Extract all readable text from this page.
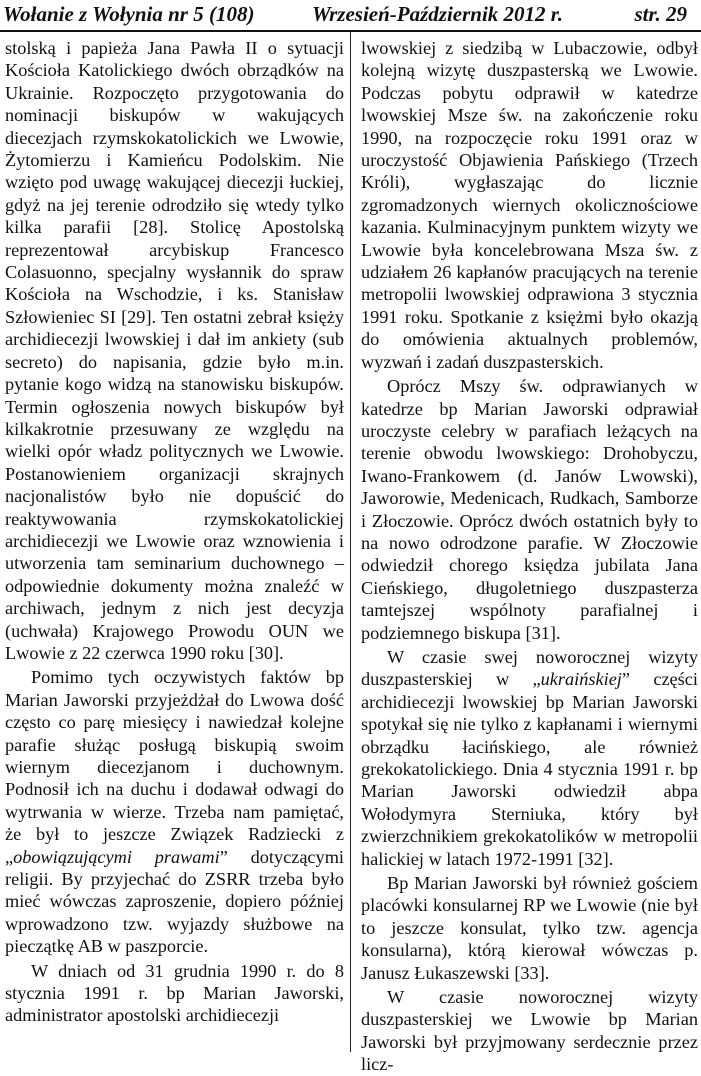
Wołanie z Wołynia nr 5 (108)	Wrzesień-Październik 2012 r.	str. 29

stolską i papieża Jana Pawła II o sytuacji Kościoła Katolickiego dwóch obrządków na Ukrainie. Rozpoczęto przygotowania do nominacji biskupów w wakujących diecezjach rzymskokatolickich we Lwowie, Żytomierzu i Kamieńcu Podolskim. Nie wzięto pod uwagę wakującej diecezji łuckiej, gdyż na jej terenie odrodziło się wtedy tylko kilka parafii [28]. Stolicę Apostolską reprezentował arcybiskup Francesco Colasuonno, specjalny wysłannik do spraw Kościoła na Wschodzie, i ks. Stanisław Szłowieniec SI [29]. Ten ostatni zebrał księży archidiecezji lwowskiej i dał im ankiety (sub secreto) do napisania, gdzie było m.in. pytanie kogo widzą na stanowisku biskupów. Termin ogłoszenia nowych biskupów był kilkakrotnie przesuwany ze względu na wielki opór władz politycznych we Lwowie. Postanowieniem organizacji skrajnych nacjonalistów było nie dopuścić do reaktywowania rzymskokatolickiej archidiecezji we Lwowie oraz wznowienia i utworzenia tam seminarium duchownego – odpowiednie dokumenty można znaleźć w archiwach, jednym z nich jest decyzja (uchwała) Krajowego Prowodu OUN we Lwowie z 22 czerwca 1990 roku [30].

Pomimo tych oczywistych faktów bp Marian Jaworski przyjeżdżał do Lwowa dość często co parę miesięcy i nawiedzał kolejne parafie służąc posługą biskupią swoim wiernym diecezjanom i duchownym. Podnosił ich na duchu i dodawał odwagi do wytrwania w wierze. Trzeba nam pamiętać, że był to jeszcze Związek Radziecki z „obowiązującymi prawami” dotyczącymi religii. By przyjechać do ZSRR trzeba było mieć wówczas zaproszenie, dopiero później wprowadzono tzw. wyjazdy służbowe na pieczątkę AB w paszporcie.

W dniach od 31 grudnia 1990 r. do 8 stycznia 1991 r. bp Marian Jaworski, administrator apostolski archidiecezji

lwowskiej z siedzibą w Lubaczowie, odbył kolejną wizytę duszpasterską we Lwowie. Podczas pobytu odprawił w katedrze lwowskiej Msze św. na zakończenie roku 1990, na rozpoczęcie roku 1991 oraz w uroczystość Objawienia Pańskiego (Trzech Króli), wygłaszając do licznie zgromadzonych wiernych okolicznościowe kazania. Kulminacyjnym punktem wizyty we Lwowie była koncelebrowana Msza św. z udziałem 26 kapłanów pracujących na terenie metropolii lwowskiej odprawiona 3 stycznia 1991 roku. Spotkanie z księżmi było okazją do omówienia aktualnych problemów, wyzwań i zadań duszpasterskich.

Oprócz Mszy św. odprawianych w katedrze bp Marian Jaworski odprawiał uroczyste celebry w parafiach leżących na terenie obwodu lwowskiego: Drohobyczu, Iwano-Frankowem (d. Janów Lwowski), Jaworowie, Medenicach, Rudkach, Samborze i Złoczowie. Oprócz dwóch ostatnich były to na nowo odrodzone parafie. W Złoczowie odwiedził chorego księdza jubilata Jana Cieńskiego, długoletniego duszpasterza tamtejszej wspólnoty parafialnej i podziemnego biskupa [31].

W czasie swej noworocznej wizyty duszpasterskiej w „ukraińskiej” części archidiecezji lwowskiej bp Marian Jaworski spotykał się nie tylko z kapłanami i wiernymi obrządku łacińskiego, ale również grekokatolickiego. Dnia 4 stycznia 1991 r. bp Marian Jaworski odwiedził abpa Wołodymyra Sterniuka, który był zwierzchnikiem grekokatolików w metropolii halickiej w latach 1972-1991 [32].

Bp Marian Jaworski był również gościem placówki konsularnej RP we Lwowie (nie był to jeszcze konsulat, tylko tzw. agencja konsularna), którą kierował wówczas p. Janusz Łukaszewski [33].

W czasie noworocznej wizyty duszpasterskiej we Lwowie bp Marian Jaworski był przyjmowany serdecznie przez licz-
